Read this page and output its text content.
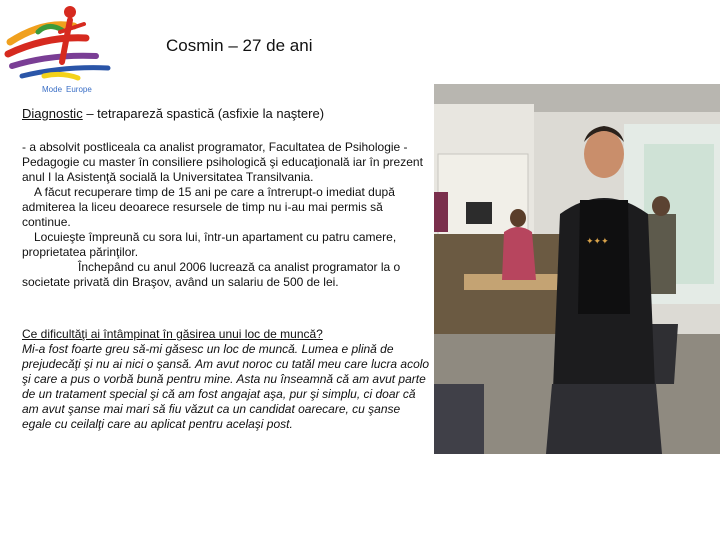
Mode Europe
Cosmin – 27 de ani
Diagnostic – tetrapareză spastică (asfixie la naştere)

- a absolvit postliceala ca analist programator, Facultatea de Psihologie - Pedagogie cu master în consiliere psihologică şi educaţională iar în prezent anul I la Asistenţă socială la Universitatea Transilvania.

A făcut recuperare timp de 15 ani pe care a întrerupt-o imediat după admiterea la liceu deoarece resursele de timp nu i-au mai permis să continue.

Locuieşte împreună cu sora lui, într-un apartament cu patru camere, proprietatea părinţilor.

Închepând cu anul 2006 lucrează ca analist programator la o societate privată din Braşov, având un salariu de 500 de lei.

Ce dificultăţi ai întâmpinat în găsirea unui loc de muncă?

Mi-a fost foarte greu să-mi găsesc un loc de muncă. Lumea e plină de prejudecăţi şi nu ai nici o şansă. Am avut noroc cu tatăl meu care lucra acolo şi care a pus o vorbă bună pentru mine. Asta nu înseamnă că am avut parte de un tratament special şi că am fost angajat aşa, pur şi simplu, ci doar că am avut şanse mai mari să fiu văzut ca un candidat oarecare, cu şanse egale cu ceilalţi care au aplicat pentru acelaşi post.

✦✦✦
